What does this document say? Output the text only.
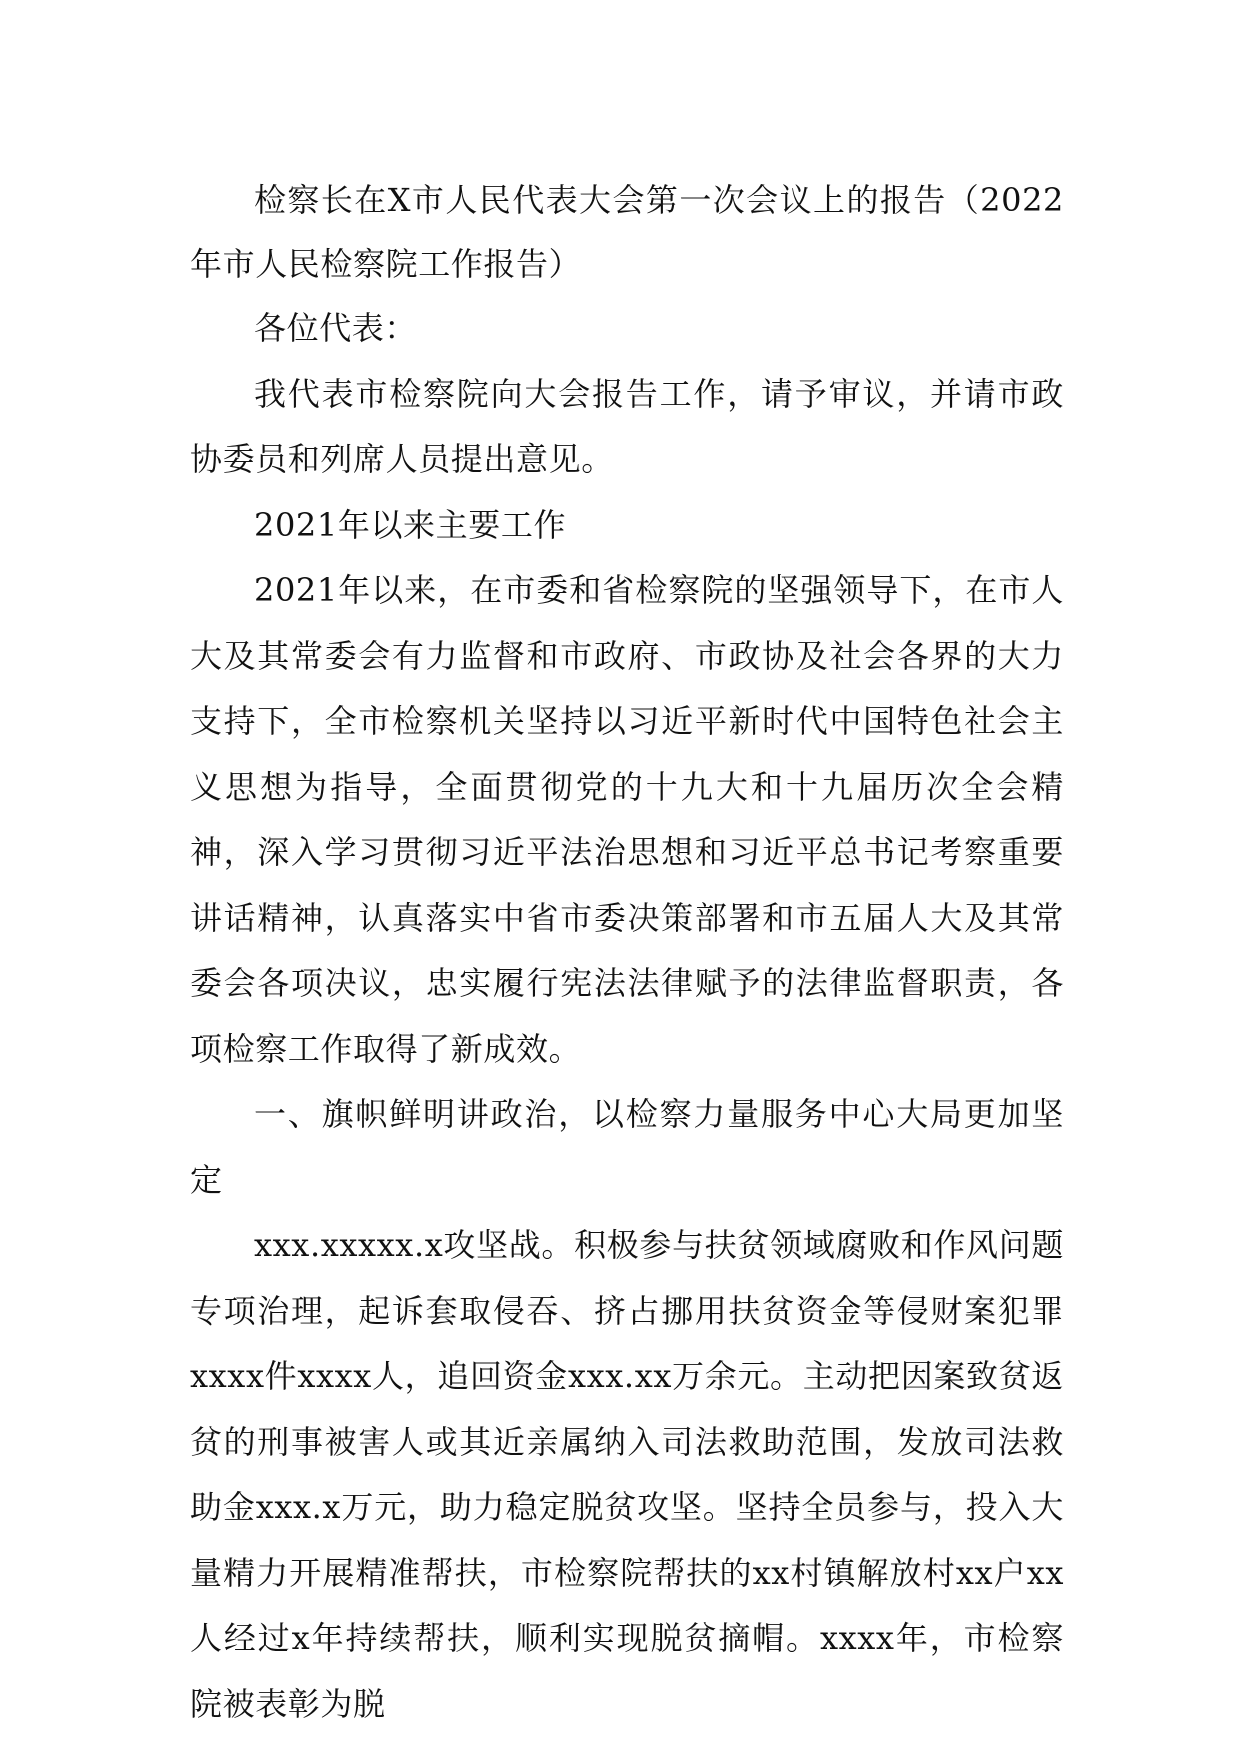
检察长在X市人民代表大会第一次会议上的报告（2022年市人民检察院工作报告）

各位代表：

我代表市检察院向大会报告工作，请予审议，并请市政协委员和列席人员提出意见。

2021年以来主要工作

2021年以来，在市委和省检察院的坚强领导下，在市人大及其常委会有力监督和市政府、市政协及社会各界的大力支持下，全市检察机关坚持以习近平新时代中国特色社会主义思想为指导，全面贯彻党的十九大和十九届历次全会精神，深入学习贯彻习近平法治思想和习近平总书记考察重要讲话精神，认真落实中省市委决策部署和市五届人大及其常委会各项决议，忠实履行宪法法律赋予的法律监督职责，各项检察工作取得了新成效。

一、旗帜鲜明讲政治，以检察力量服务中心大局更加坚定

xxx.xxxxx.x攻坚战。积极参与扶贫领域腐败和作风问题专项治理，起诉套取侵吞、挤占挪用扶贫资金等侵财案犯罪xxxx件xxxx人，追回资金xxx.xx万余元。主动把因案致贫返贫的刑事被害人或其近亲属纳入司法救助范围，发放司法救助金xxx.x万元，助力稳定脱贫攻坚。坚持全员参与，投入大量精力开展精准帮扶，市检察院帮扶的xx村镇解放村xx户xx人经过x年持续帮扶，顺利实现脱贫摘帽。xxxx年，市检察院被表彰为脱
